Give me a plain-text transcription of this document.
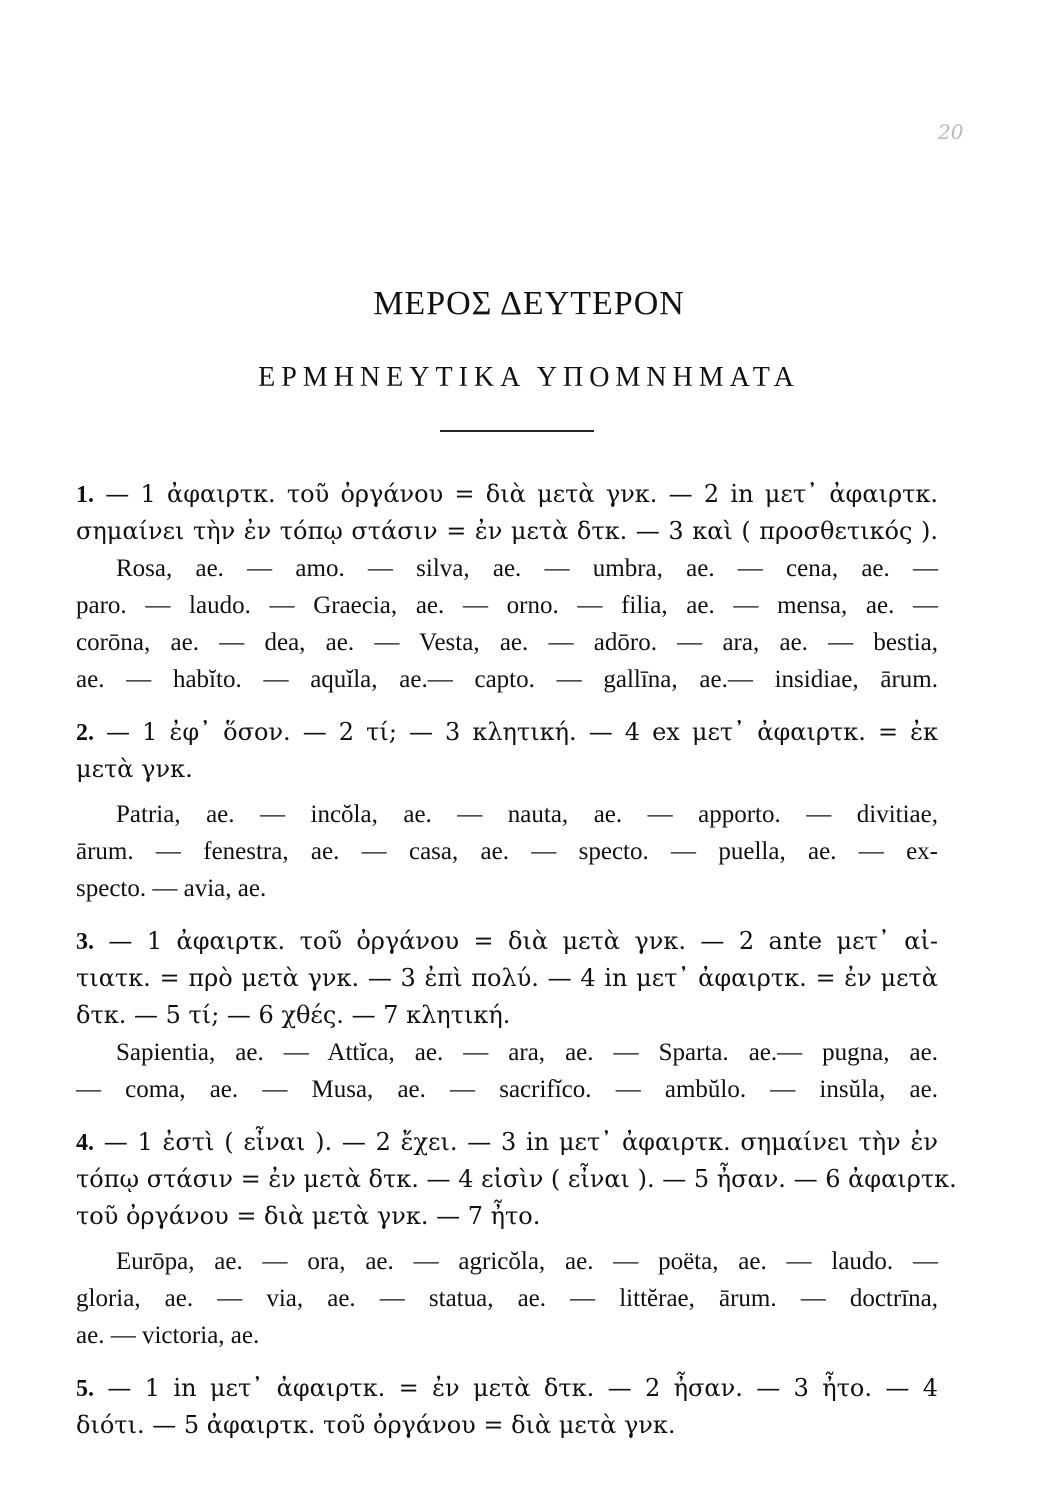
20
ΜΕΡΟΣ ΔΕΥΤΕΡΟΝ
ΕΡΜΗΝΕΥΤΙΚΑ ΥΠΟΜΝΗΜΑΤΑ
1. — 1 ἀφαιρτκ. τοῦ ὀργάνου = διὰ μετὰ γνκ. — 2 in μετ᾽ ἀφαιρτκ.
σημαίνει τὴν ἐν τόπῳ στάσιν = ἐν μετὰ δτκ. — 3 καὶ ( προσθετικός ).
Rosa, ae. — amo. — silva, ae. — umbra, ae. — cena, ae. —
paro. — laudo. — Graecia, ae. — orno. — filia, ae. — mensa, ae. —
corōna, ae. — dea, ae. — Vesta, ae. — adōro. — ara, ae. — bestia,
ae. — habĭto. — aquĭla, ae.— capto. — gallīna, ae.— insidiae, ārum.
2. — 1 ἐφ᾽ ὅσον. — 2 τί; — 3 κλητική. — 4 ex μετ᾽ ἀφαιρτκ. = ἐκ
μετὰ γνκ.
Patria, ae. — incŏla, ae. — nauta, ae. — apporto. — divitiae,
ārum. — fenestra, ae. — casa, ae. — specto. — puella, ae. — ex-
specto. — avia, ae.
3. — 1 ἀφαιρτκ. τοῦ ὀργάνου = διὰ μετὰ γνκ. — 2 ante μετ᾽ αἰ-
τιατκ. = πρὸ μετὰ γνκ. — 3 ἐπὶ πολύ. — 4 in μετ᾽ ἀφαιρτκ. = ἐν μετὰ
δτκ. — 5 τί; — 6 χθές. — 7 κλητική.
Sapientia, ae. — Attĭca, ae. — ara, ae. — Sparta. ae.— pugna, ae.
— coma, ae. — Musa, ae. — sacrifĭco. — ambŭlo. — insŭla, ae.
4. — 1 ἐστὶ ( εἶναι ). — 2 ἔχει. — 3 in μετ᾽ ἀφαιρτκ. σημαίνει τὴν ἐν
τόπῳ στάσιν = ἐν μετὰ δτκ. — 4 εἰσὶν ( εἶναι ). — 5 ἦσαν. — 6 ἀφαιρτκ.
τοῦ ὀργάνου = διὰ μετὰ γνκ. — 7 ἦτο.
Eurōpa, ae. — ora, ae. — agricŏla, ae. — poëta, ae. — laudo. —
gloria, ae. — via, ae. — statua, ae. — littĕrae, ārum. — doctrīna,
ae. — victoria, ae.
5. — 1 in μετ᾽ ἀφαιρτκ. = ἐν μετὰ δτκ. — 2 ἦσαν. — 3 ἦτο. — 4
διότι. — 5 ἀφαιρτκ. τοῦ ὀργάνου = διὰ μετὰ γνκ.
